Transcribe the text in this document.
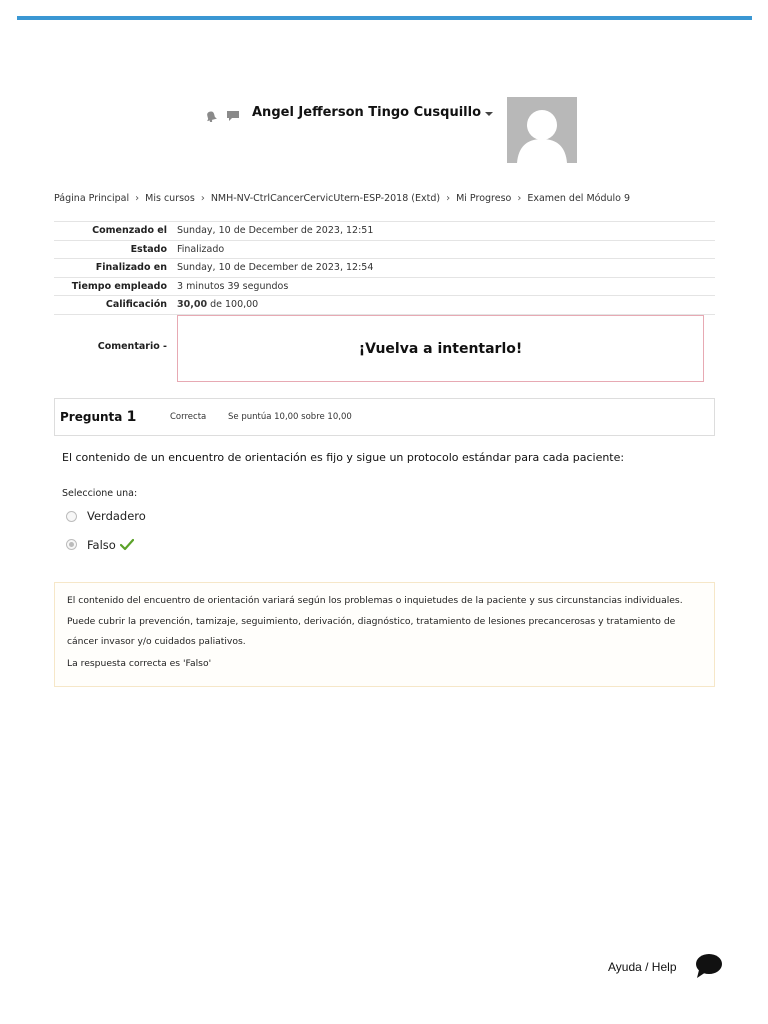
Angel Jefferson Tingo Cusquillo
Página Principal › Mis cursos › NMH-NV-CtrlCancerCervicUtern-ESP-2018 (Extd) › Mi Progreso › Examen del Módulo 9
Comenzado el	Sunday, 10 de December de 2023, 12:51
Estado	Finalizado
Finalizado en	Sunday, 10 de December de 2023, 12:54
Tiempo empleado	3 minutos 39 segundos
Calificación	30,00 de 100,00
Comentario -	¡Vuelva a intentarlo!
Pregunta 1	Correcta	Se puntúa 10,00 sobre 10,00
El contenido de un encuentro de orientación es fijo y sigue un protocolo estándar para cada paciente:
Seleccione una:
Verdadero
Falso

El contenido del encuentro de orientación variará según los problemas o inquietudes de la paciente y sus circunstancias individuales. Puede cubrir la prevención, tamizaje, seguimiento, derivación, diagnóstico, tratamiento de lesiones precancerosas y tratamiento de cáncer invasor y/o cuidados paliativos.

La respuesta correcta es 'Falso'

Ayuda / Help
